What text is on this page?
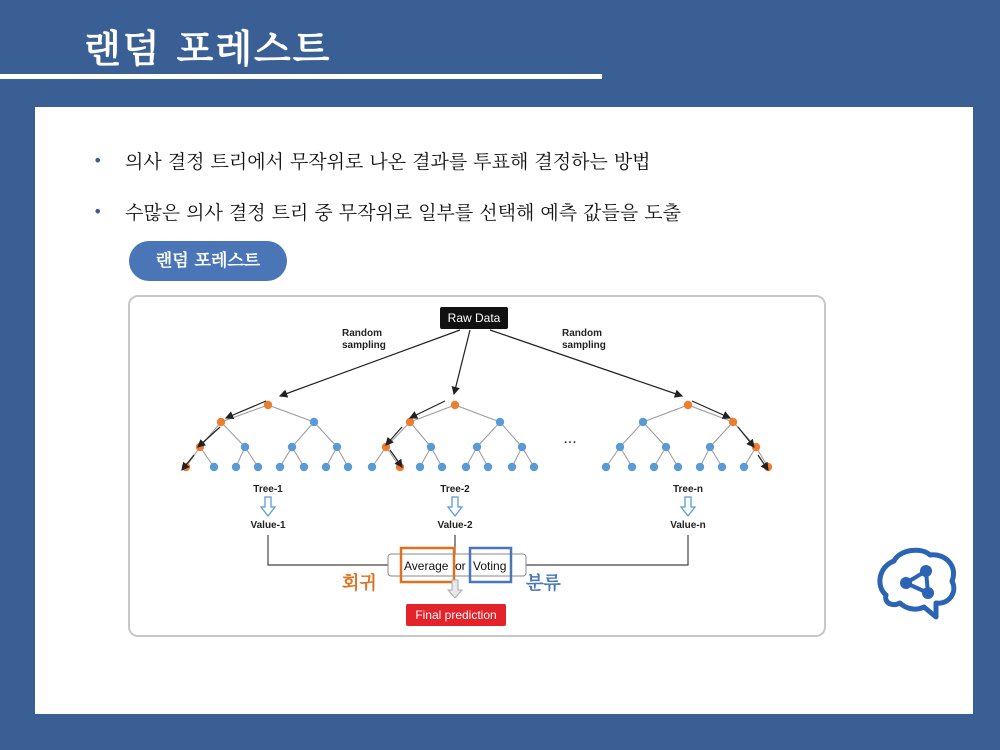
랜덤 포레스트
• 의사 결정 트리에서 무작위로 나온 결과를 투표해 결정하는 방법
• 수많은 의사 결정 트리 중 무작위로 일부를 선택해 예측 값들을 도출
랜덤 포레스트
Raw Data
Random
sampling
Random
sampling
...
Tree-1
Value-1
Tree-2
Value-2
Tree-n
Value-n
Average or Voting
회귀	분류
Final prediction
